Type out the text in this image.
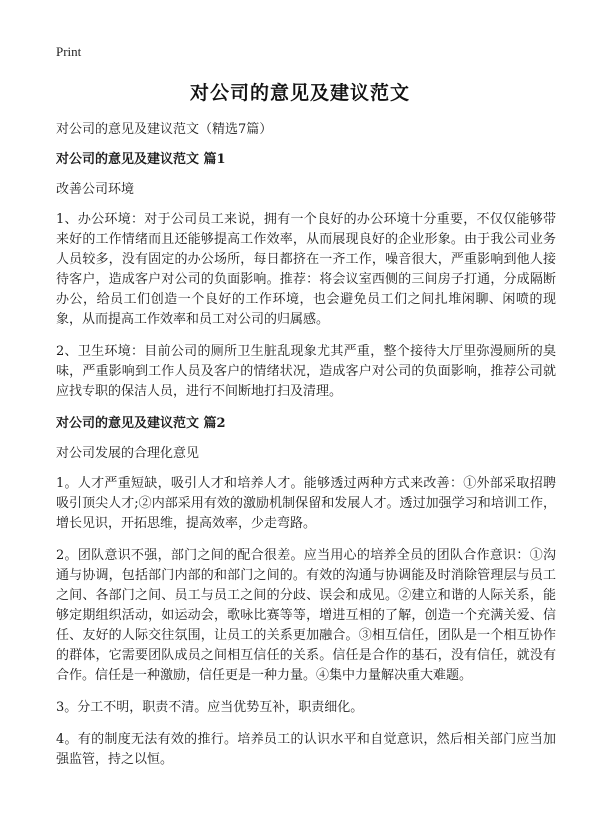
Print
对公司的意见及建议范文

对公司的意见及建议范文（精选7篇）

对公司的意见及建议范文 篇1

改善公司环境

1、办公环境：对于公司员工来说，拥有一个良好的办公环境十分重要，不仅仅能够带来好的工作情绪而且还能够提高工作效率，从而展现良好的企业形象。由于我公司业务人员较多，没有固定的办公场所，每日都挤在一齐工作，噪音很大，严重影响到他人接待客户，造成客户对公司的负面影响。推荐：将会议室西侧的三间房子打通，分成隔断办公，给员工们创造一个良好的工作环境，也会避免员工们之间扎堆闲聊、闲喷的现象，从而提高工作效率和员工对公司的归属感。

2、卫生环境：目前公司的厕所卫生脏乱现象尤其严重，整个接待大厅里弥漫厕所的臭味，严重影响到工作人员及客户的情绪状况，造成客户对公司的负面影响，推荐公司就应找专职的保洁人员，进行不间断地打扫及清理。

对公司的意见及建议范文 篇2

对公司发展的合理化意见

1。人才严重短缺，吸引人才和培养人才。能够透过两种方式来改善：①外部采取招聘吸引顶尖人才;②内部采用有效的激励机制保留和发展人才。透过加强学习和培训工作，增长见识，开拓思维，提高效率，少走弯路。

2。团队意识不强，部门之间的配合很差。应当用心的培养全员的团队合作意识：①沟通与协调，包括部门内部的和部门之间的。有效的沟通与协调能及时消除管理层与员工之间、各部门之间、员工与员工之间的分歧、误会和成见。②建立和谐的人际关系，能够定期组织活动，如运动会，歌咏比赛等等，增进互相的了解，创造一个充满关爱、信任、友好的人际交往氛围，让员工的关系更加融合。③相互信任，团队是一个相互协作的群体，它需要团队成员之间相互信任的关系。信任是合作的基石，没有信任，就没有合作。信任是一种激励，信任更是一种力量。④集中力量解决重大难题。

3。分工不明，职责不清。应当优势互补，职责细化。

4。有的制度无法有效的推行。培养员工的认识水平和自觉意识，然后相关部门应当加强监管，持之以恒。
